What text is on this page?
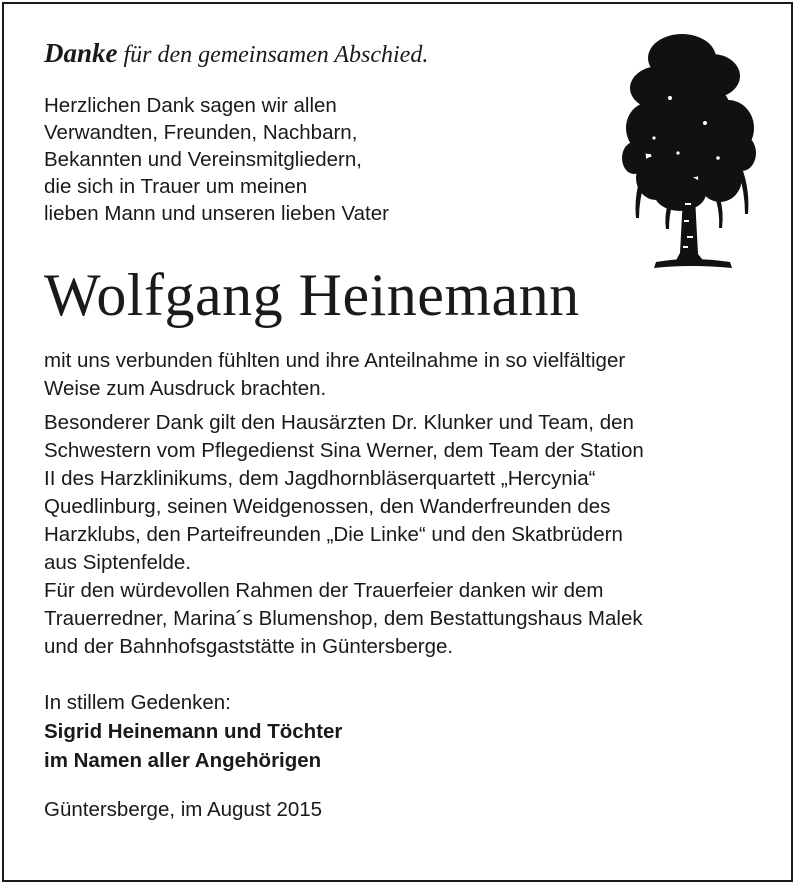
Danke für den gemeinsamen Abschied.
Herzlichen Dank sagen wir allen
Verwandten, Freunden, Nachbarn,
Bekannten und Vereinsmitgliedern,
die sich in Trauer um meinen
lieben Mann und unseren lieben Vater
Wolfgang Heinemann
mit uns verbunden fühlten und ihre Anteilnahme in so vielfältiger
Weise zum Ausdruck brachten.
Besonderer Dank gilt den Hausärzten Dr. Klunker und Team, den
Schwestern vom Pflegedienst Sina Werner, dem Team der Station
II des Harzklinikums, dem Jagdhornbläserquartett „Hercynia“
Quedlinburg, seinen Weidgenossen, den Wanderfreunden des
Harzklubs, den Parteifreunden „Die Linke“ und den Skatbrüdern
aus Siptenfelde.
Für den würdevollen Rahmen der Trauerfeier danken wir dem
Trauerredner, Marina´s Blumenshop, dem Bestattungshaus Malek
und der Bahnhofsgaststätte in Güntersberge.
In stillem Gedenken:
Sigrid Heinemann und Töchter
im Namen aller Angehörigen
Güntersberge, im August 2015
